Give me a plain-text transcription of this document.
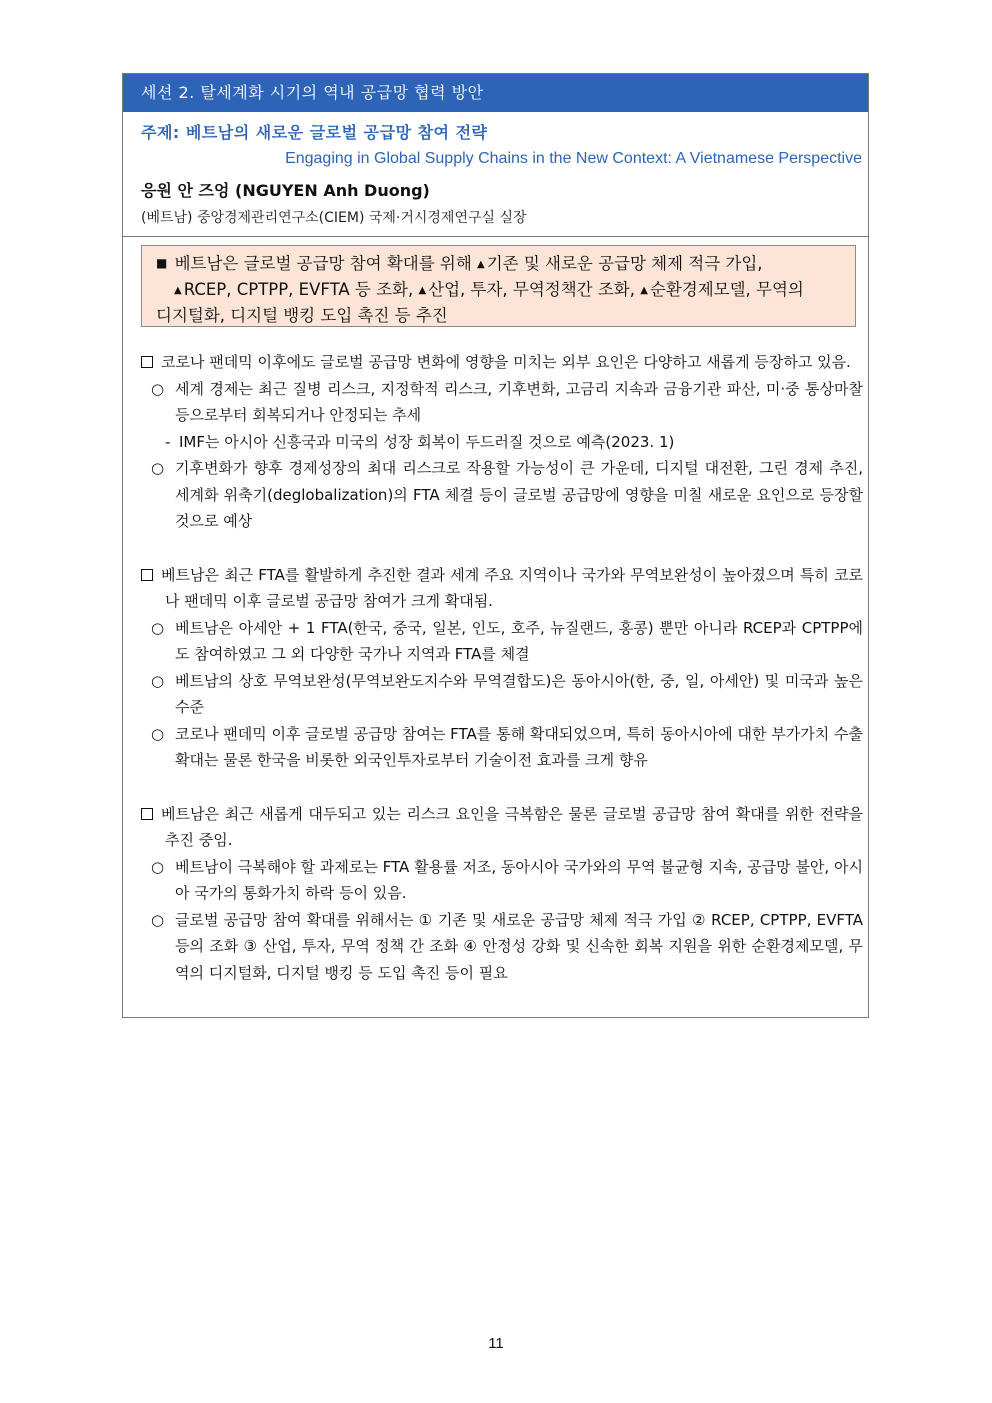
세션 2. 탈세계화 시기의 역내 공급망 협력 방안
주제: 베트남의 새로운 글로벌 공급망 참여 전략
Engaging in Global Supply Chains in the New Context: A Vietnamese Perspective
응원 안 즈엉 (NGUYEN Anh Duong)
(베트남) 중앙경제관리연구소(CIEM) 국제·거시경제연구실 실장
■ 베트남은 글로벌 공급망 참여 확대를 위해 ▲ 기존 및 새로운 공급망 체제 적극 가입,
▲ RCEP, CPTPP, EVFTA 등 조화, ▲ 산업, 투자, 무역정책간 조화, ▲ 순환경제모델, 무역의
디지털화, 디지털 뱅킹 도입 촉진 등 추진
코로나 팬데믹 이후에도 글로벌 공급망 변화에 영향을 미치는 외부 요인은 다양하고 새롭게 등장하고 있음.
○ 세계 경제는 최근 질병 리스크, 지정학적 리스크, 기후변화, 고금리 지속과 금융기관 파산, 미·중 통상마찰 등으로부터 회복되거나 안정되는 추세
- IMF는 아시아 신흥국과 미국의 성장 회복이 두드러질 것으로 예측(2023. 1)
○ 기후변화가 향후 경제성장의 최대 리스크로 작용할 가능성이 큰 가운데, 디지털 대전환, 그린 경제 추진, 세계화 위축기(deglobalization)의 FTA 체결 등이 글로벌 공급망에 영향을 미칠 새로운 요인으로 등장할 것으로 예상
베트남은 최근 FTA를 활발하게 추진한 결과 세계 주요 지역이나 국가와 무역보완성이 높아졌으며 특히 코로나 팬데믹 이후 글로벌 공급망 참여가 크게 확대됨.
○ 베트남은 아세안 + 1 FTA(한국, 중국, 일본, 인도, 호주, 뉴질랜드, 홍콩) 뿐만 아니라 RCEP과 CPTPP에도 참여하였고 그 외 다양한 국가나 지역과 FTA를 체결
○ 베트남의 상호 무역보완성(무역보완도지수와 무역결합도)은 동아시아(한, 중, 일, 아세안) 및 미국과 높은 수준
○ 코로나 팬데믹 이후 글로벌 공급망 참여는 FTA를 통해 확대되었으며, 특히 동아시아에 대한 부가가치 수출 확대는 물론 한국을 비롯한 외국인투자로부터 기술이전 효과를 크게 향유
베트남은 최근 새롭게 대두되고 있는 리스크 요인을 극복함은 물론 글로벌 공급망 참여 확대를 위한 전략을 추진 중임.
○ 베트남이 극복해야 할 과제로는 FTA 활용률 저조, 동아시아 국가와의 무역 불균형 지속, 공급망 불안, 아시아 국가의 통화가치 하락 등이 있음.
○ 글로벌 공급망 참여 확대를 위해서는 ① 기존 및 새로운 공급망 체제 적극 가입 ② RCEP, CPTPP, EVFTA 등의 조화 ③ 산업, 투자, 무역 정책 간 조화 ④ 안정성 강화 및 신속한 회복 지원을 위한 순환경제모델, 무역의 디지털화, 디지털 뱅킹 등 도입 촉진 등이 필요
11
